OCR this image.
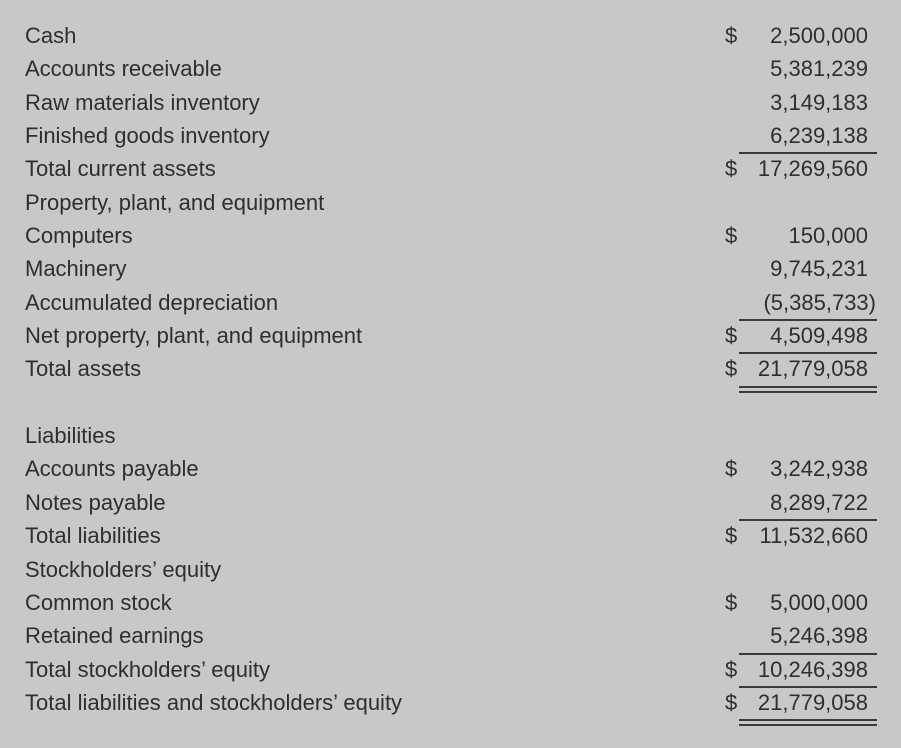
Cash	$	2,500,000
Accounts receivable	5,381,239
Raw materials inventory	3,149,183
Finished goods inventory	6,239,138
Total current assets	$ 17,269,560
Property, plant, and equipment
Computers	$	150,000
Machinery	9,745,231
Accumulated depreciation	(5,385,733)
Net property, plant, and equipment	$	4,509,498
Total assets	$ 21,779,058
Liabilities
Accounts payable	$	3,242,938
Notes payable	8,289,722
Total liabilities	$	11,532,660
Stockholders’ equity
Common stock	$	5,000,000
Retained earnings	5,246,398
Total stockholders’ equity	$ 10,246,398
Total liabilities and stockholders’ equity	$ 21,779,058
